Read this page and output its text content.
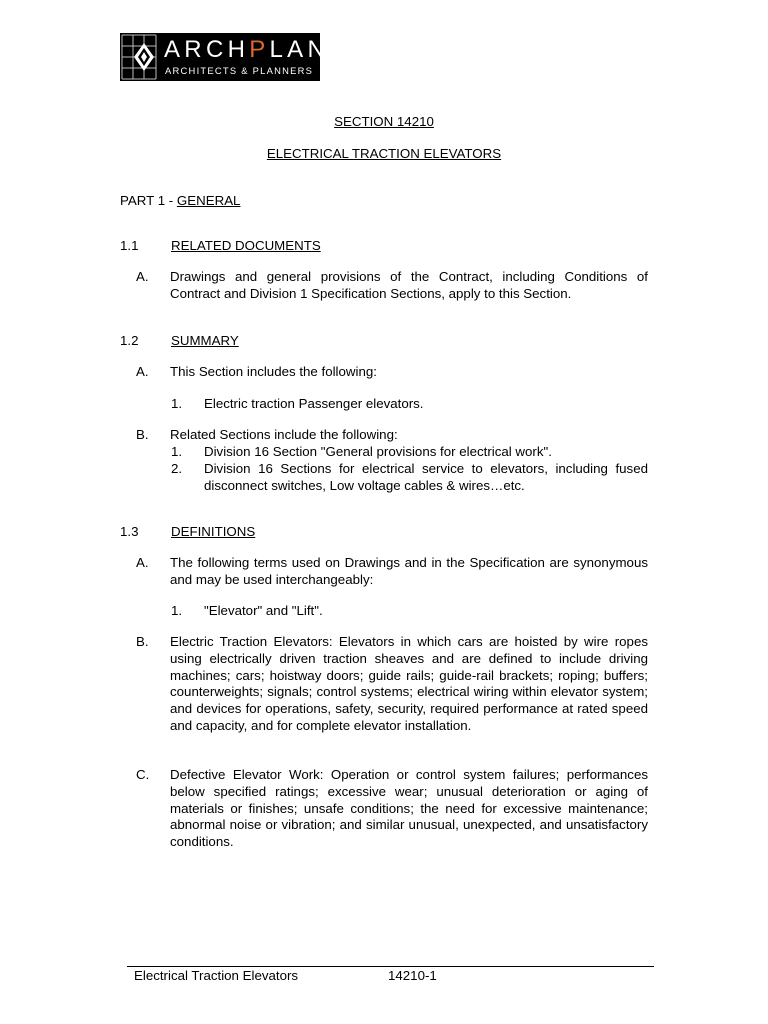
ARCHPLAN
ARCHITECTS & PLANNERS
SECTION 14210
ELECTRICAL TRACTION ELEVATORS
PART 1 - GENERAL
1.1 RELATED DOCUMENTS
A. Drawings and general provisions of the Contract, including Conditions of Contract and Division 1 Specification Sections, apply to this Section.
1.2 SUMMARY
A. This Section includes the following:
1. Electric traction Passenger elevators.
B. Related Sections include the following:
1. Division 16 Section "General provisions for electrical work".
2. Division 16 Sections for electrical service to elevators, including fused disconnect switches, Low voltage cables & wires…etc.
1.3 DEFINITIONS
A. The following terms used on Drawings and in the Specification are synonymous and may be used interchangeably:
1. "Elevator" and "Lift".
B. Electric Traction Elevators: Elevators in which cars are hoisted by wire ropes using electrically driven traction sheaves and are defined to include driving machines; cars; hoistway doors; guide rails; guide-rail brackets; roping; buffers; counterweights; signals; control systems; electrical wiring within elevator system; and devices for operations, safety, security, required performance at rated speed and capacity, and for complete elevator installation.
C. Defective Elevator Work: Operation or control system failures; performances below specified ratings; excessive wear; unusual deterioration or aging of materials or finishes; unsafe conditions; the need for excessive maintenance; abnormal noise or vibration; and similar unusual, unexpected, and unsatisfactory conditions.
Electrical Traction Elevators	14210-1
